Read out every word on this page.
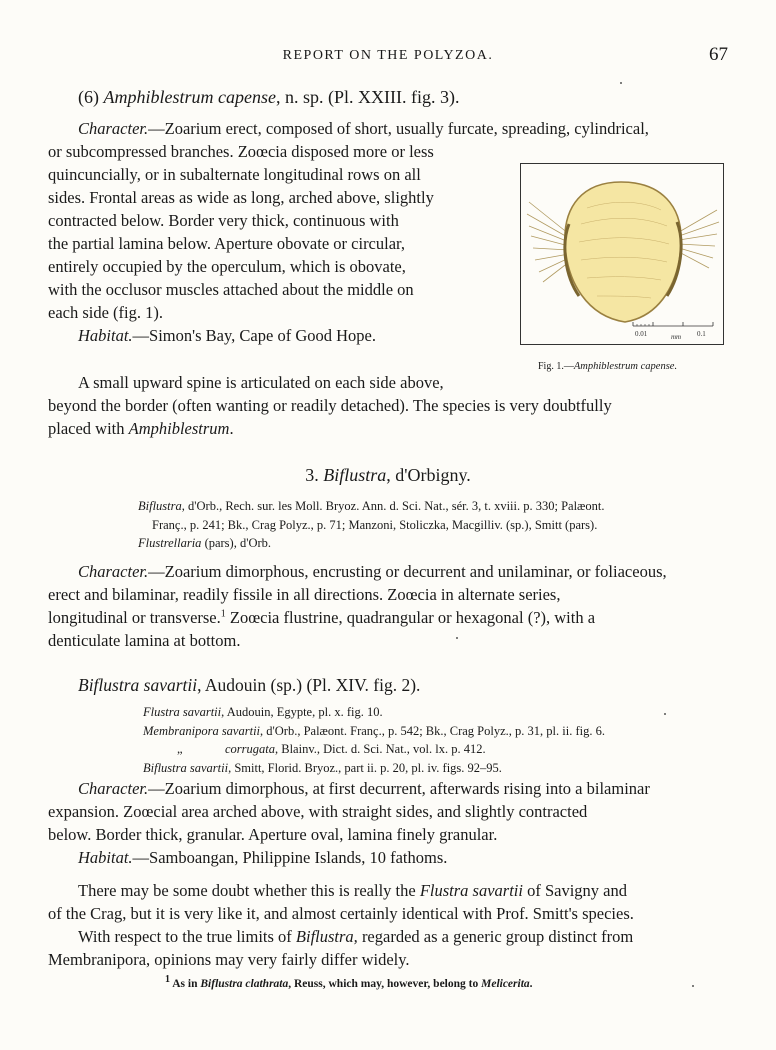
REPORT ON THE POLYZOA.	67
(6) Amphiblestrum capense, n. sp. (Pl. XXIII. fig. 3).
Character.—Zoarium erect, composed of short, usually furcate, spreading, cylindrical,
or subcompressed branches. Zoœcia disposed more or less
quincuncially, or in subalternate longitudinal rows on all
sides. Frontal areas as wide as long, arched above, slightly
contracted below. Border very thick, continuous with
the partial lamina below. Aperture obovate or circular,
entirely occupied by the operculum, which is obovate,
with the occlusor muscles attached about the middle on
each side (fig. 1).
Habitat.—Simon's Bay, Cape of Good Hope.	0.01	mm 0.1
Fig. 1.—Amphiblestrum capense.
A small upward spine is articulated on each side above,
beyond the border (often wanting or readily detached). The species is very doubtfully
placed with Amphiblestrum.
3. Biflustra, d'Orbigny.
Biflustra, d'Orb., Rech. sur. les Moll. Bryoz. Ann. d. Sci. Nat., sér. 3, t. xviii. p. 330; Palæont.
Franç., p. 241; Bk., Crag Polyz., p. 71; Manzoni, Stoliczka, Macgilliv. (sp.), Smitt (pars).
Flustrellaria (pars), d'Orb.
Character.—Zoarium dimorphous, encrusting or decurrent and unilaminar, or foliaceous,
erect and bilaminar, readily fissile in all directions. Zoœcia in alternate series,
longitudinal or transverse.$^1$ Zoœcia flustrine, quadrangular or hexagonal (?), with a
denticulate lamina at bottom.
Biflustra savartii, Audouin (sp.) (Pl. XIV. fig. 2).
Flustra savartii, Audouin, Egypte, pl. x. fig. 10.
Membranipora savartii, d'Orb., Palæont. Franç., p. 542; Bk., Crag Polyz., p. 31, pl. ii. fig. 6.
„	corrugata, Blainv., Dict. d. Sci. Nat., vol. lx. p. 412.
Biflustra savartii, Smitt, Florid. Bryoz., part ii. p. 20, pl. iv. figs. 92–95.
Character.—Zoarium dimorphous, at first decurrent, afterwards rising into a bilaminar
expansion. Zoœcial area arched above, with straight sides, and slightly contracted
below. Border thick, granular. Aperture oval, lamina finely granular.
Habitat.—Samboangan, Philippine Islands, 10 fathoms.
There may be some doubt whether this is really the Flustra savartii of Savigny and
of the Crag, but it is very like it, and almost certainly identical with Prof. Smitt's species.
With respect to the true limits of Biflustra, regarded as a generic group distinct from
Membranipora, opinions may very fairly differ widely.
1 As in Biflustra clathrata, Reuss, which may, however, belong to Melicerita.
